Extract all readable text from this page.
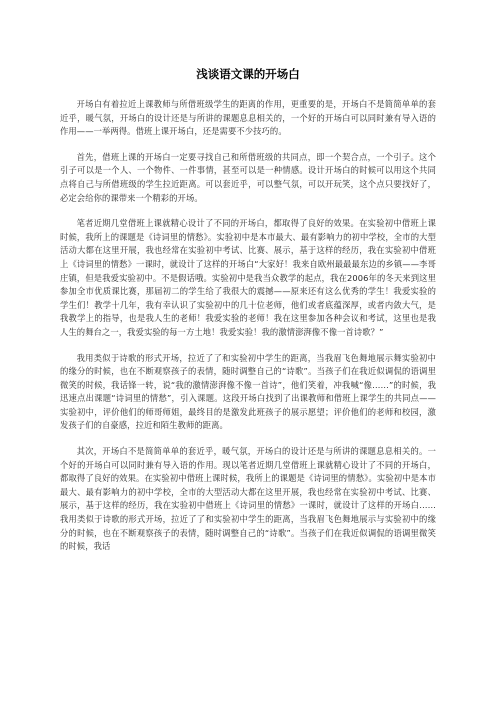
浅谈语文课的开场白

开场白有着拉近上课教师与所借班级学生的距离的作用，更重要的是，开场白不是简简单单的套近乎，暖气氛，开场白的设计还是与所讲的课题息息相关的，一个好的开场白可以同时兼有导入语的作用——一举两得。借班上课开场白，还是需要不少技巧的。

首先，借班上课的开场白一定要寻找自己和所借班级的共同点，即一个契合点，一个引子。这个引子可以是一个人、一个物件、一件事情，甚至可以是一种情感。设计开场白的时候可以用这个共同点将自己与所借班级的学生拉近距离。可以套近乎，可以整气氛，可以开玩笑，这个点只要找好了，必定会给你的课带来一个精彩的开场。

笔者近期几堂借班上课就精心设计了不同的开场白，都取得了良好的效果。在实验初中借班上课时候，我所上的课题是《诗词里的情愁》。实验初中是本市最大、最有影响力的初中学校，全市的大型活动大都在这里开展，我也经常在实验初中考试、比赛、展示，基于这样的经历，我在实验初中借班上《诗词里的情愁》一课时，就设计了这样的开场白“大家好！我来自欧州最最最东边的乡镇——李哥庄镇，但是我爱实验初中。不是假话哦。实验初中是我当众教学的起点，我在2006年的冬天来到这里参加全市优质课比赛，那届初二的学生给了我很大的震撼——原来还有这么优秀的学生！我爱实验的学生们！教学十几年，我有幸认识了实验初中的几十位老师，他们或者底蕴深厚，或者内敛大气，是我教学上的指导，也是我人生的老师！我爱实验的老师！我在这里参加各种会议和考试，这里也是我人生的舞台之一，我爱实验的每一方土地！我爱实验！我的激情澎湃像不像一首诗歌？”

我用类似于诗歌的形式开场，拉近了了和实验初中学生的距离，当我眉飞色舞地展示舞实验初中的缘分的时候，也在不断观察孩子的表情，随时调整自己的“诗歌”。当孩子们在我近似调侃的语调里微笑的时候，我话锋一转，说“我的激情澎湃像不像一首诗”，他们笑着，冲我喊“像……”的时候，我迅速点出课题“诗词里的情愁”，引入课题。这段开场白找到了出课教师和借班上课学生的共同点——实验初中，评价他们的师哥师姐，最终目的是激发此班孩子的展示愿望；评价他们的老师和校园，激发孩子们的自豪感，拉近和陌生教师的距离。

其次，开场白不是简简单单的套近乎，暖气氛，开场白的设计还是与所讲的课题息息相关的。一个好的开场白可以同时兼有导入语的作用。现以笔者近期几堂借班上课就精心设计了不同的开场白，都取得了良好的效果。在实验初中借班上课时候，我所上的课题是《诗词里的情愁》。实验初中是本市最大、最有影响力的初中学校，全市的大型活动大都在这里开展，我也经常在实验初中考试、比赛、展示，基于这样的经历，我在实验初中借班上《诗词里的情愁》一课时，就设计了这样的开场白……我用类似于诗歌的形式开场，拉近了了和实验初中学生的距离，当我眉飞色舞地展示与实验初中的缘分的时候，也在不断观察孩子的表情，随时调整自己的“诗歌”。当孩子们在我近似调侃的语调里微笑的时候，我话
